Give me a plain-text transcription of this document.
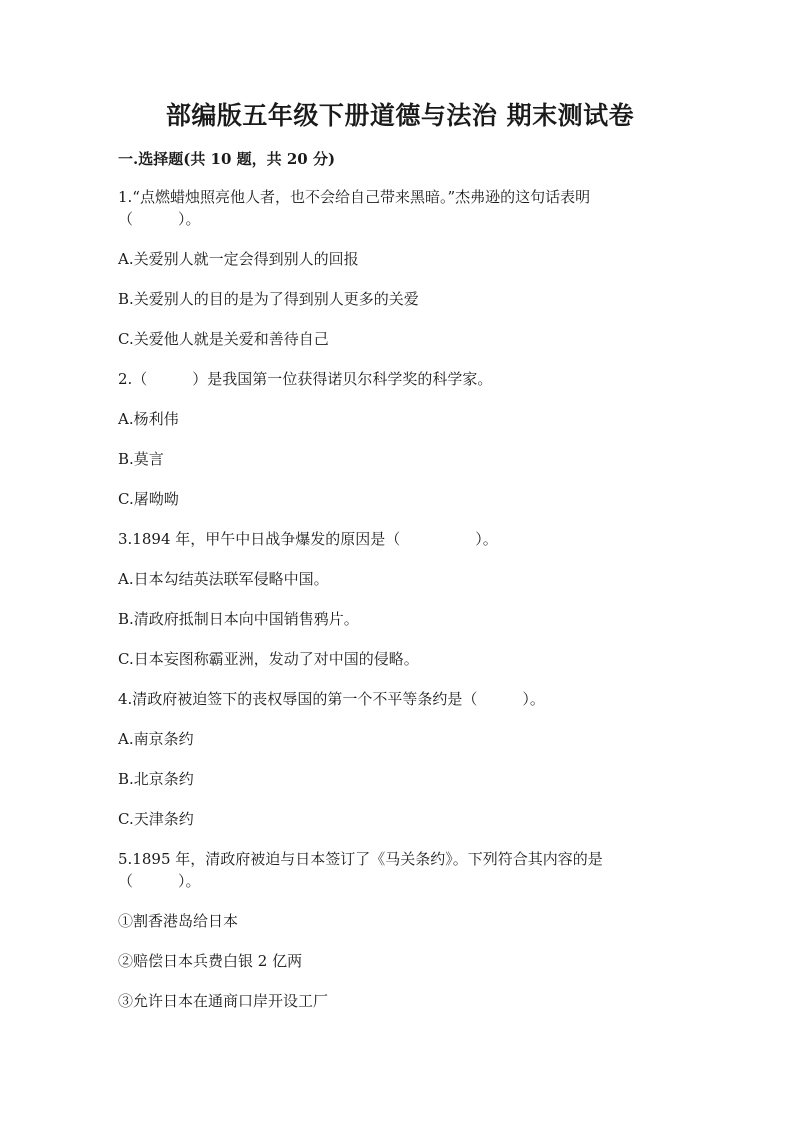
部编版五年级下册道德与法治 期末测试卷
一.选择题(共 10 题，共 20 分)

1.“点燃蜡烛照亮他人者，也不会给自己带来黑暗。”杰弗逊的这句话表明

（　　　）。

A.关爱别人就一定会得到别人的回报

B.关爱别人的目的是为了得到别人更多的关爱

C.关爱他人就是关爱和善待自己

2.（　　　）是我国第一位获得诺贝尔科学奖的科学家。

A.杨利伟

B.莫言

C.屠呦呦

3.1894 年，甲午中日战争爆发的原因是（　　　　　）。

A.日本勾结英法联军侵略中国。

B.清政府抵制日本向中国销售鸦片。

C.日本妄图称霸亚洲，发动了对中国的侵略。

4.清政府被迫签下的丧权辱国的第一个不平等条约是（　　　）。

A.南京条约

B.北京条约

C.天津条约

5.1895 年，清政府被迫与日本签订了《马关条约》。下列符合其内容的是

（　　　）。

①割香港岛给日本

②赔偿日本兵费白银 2 亿两

③允许日本在通商口岸开设工厂
